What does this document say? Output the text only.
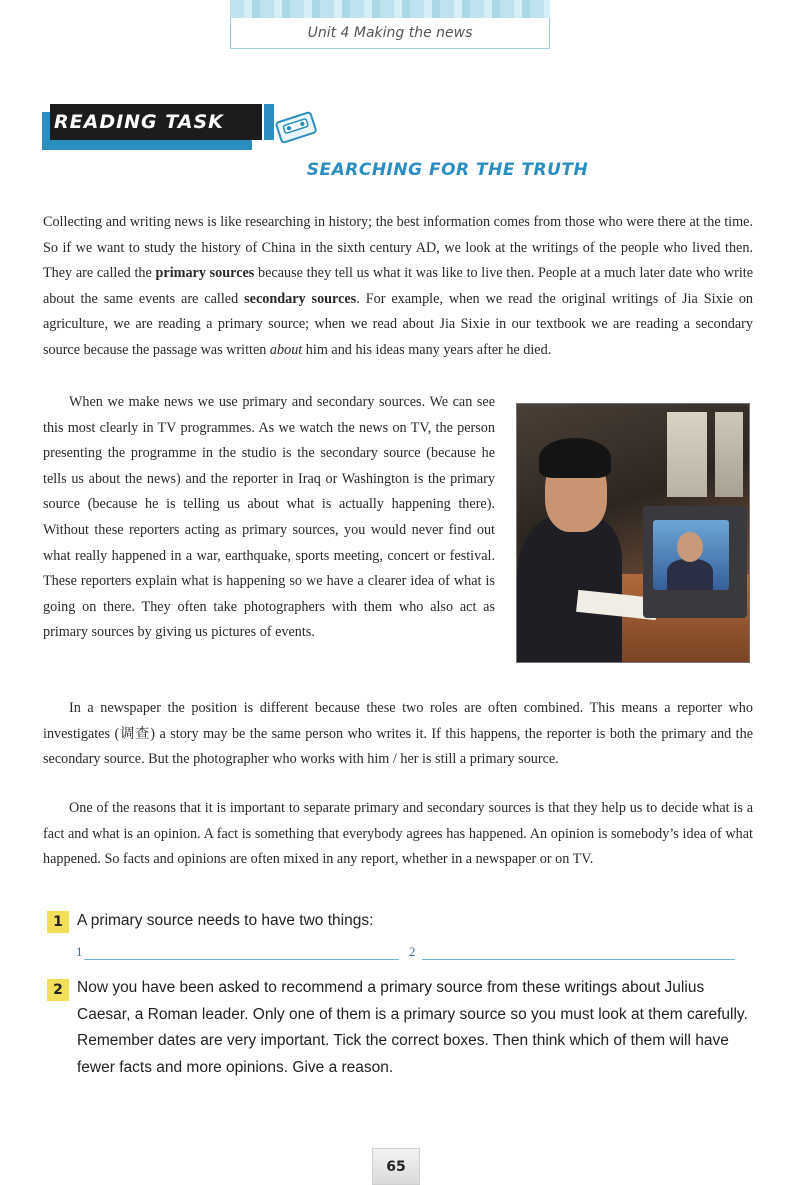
Unit 4 Making the news
READING TASK
SEARCHING FOR THE TRUTH
Collecting and writing news is like researching in history; the best information comes from those who were there at the time. So if we want to study the history of China in the sixth century AD, we look at the writings of the people who lived then. They are called the primary sources because they tell us what it was like to live then. People at a much later date who write about the same events are called secondary sources. For example, when we read the original writings of Jia Sixie on agriculture, we are reading a primary source; when we read about Jia Sixie in our textbook we are reading a secondary source because the passage was written about him and his ideas many years after he died.
When we make news we use primary and secondary sources. We can see this most clearly in TV programmes. As we watch the news on TV, the person presenting the programme in the studio is the secondary source (because he tells us about the news) and the reporter in Iraq or Washington is the primary source (because he is telling us about what is actually happening there). Without these reporters acting as primary sources, you would never find out what really happened in a war, earthquake, sports meeting, concert or festival. These reporters explain what is happening so we have a clearer idea of what is going on there. They often take photographers with them who also act as primary sources by giving us pictures of events.
In a newspaper the position is different because these two roles are often combined. This means a reporter who investigates (调查) a story may be the same person who writes it. If this happens, the reporter is both the primary and the secondary source. But the photographer who works with him / her is still a primary source.
One of the reasons that it is important to separate primary and secondary sources is that they help us to decide what is a fact and what is an opinion. A fact is something that everybody agrees has happened. An opinion is somebody’s idea of what happened. So facts and opinions are often mixed in any report, whether in a newspaper or on TV.
1 A primary source needs to have two things:
1	2
2 Now you have been asked to recommend a primary source from these writings about Julius Caesar, a Roman leader. Only one of them is a primary source so you must look at them carefully. Remember dates are very important. Tick the correct boxes. Then think which of them will have fewer facts and more opinions. Give a reason.
65
